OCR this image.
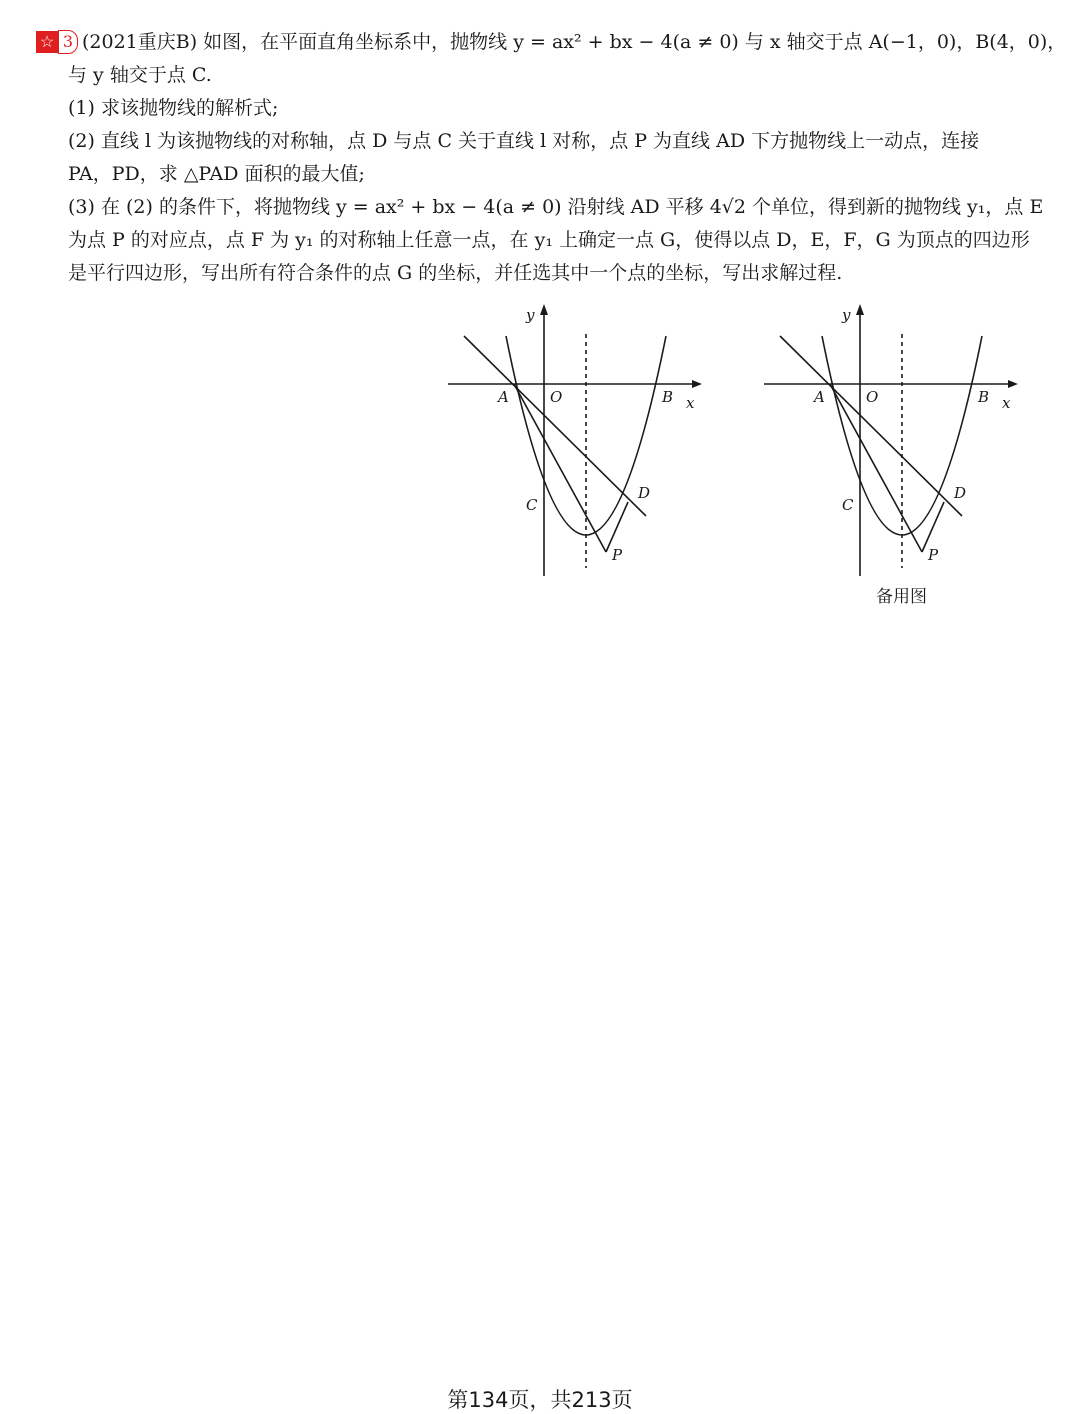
☆ 3 (2021重庆B) 如图，在平面直角坐标系中，抛物线 y = ax² + bx − 4(a ≠ 0) 与 x 轴交于点 A(−1，0)，B(4，0)，
与 y 轴交于点 C.
(1) 求该抛物线的解析式;
(2) 直线 l 为该抛物线的对称轴，点 D 与点 C 关于直线 l 对称，点 P 为直线 AD 下方抛物线上一动点，连接
PA，PD，求 △PAD 面积的最大值;
(3) 在 (2) 的条件下，将抛物线 y = ax² + bx − 4(a ≠ 0) 沿射线 AD 平移 4√2 个单位，得到新的抛物线 y₁，点 E
为点 P 的对应点，点 F 为 y₁ 的对称轴上任意一点，在 y₁ 上确定一点 G，使得以点 D，E，F，G 为顶点的四边形
是平行四边形，写出所有符合条件的点 G 的坐标，并任选其中一个点的坐标，写出求解过程.
y
x
O
A	B
C
D
P
y
x
O
A	B
C
D
P
备用图
第134页，共213页
